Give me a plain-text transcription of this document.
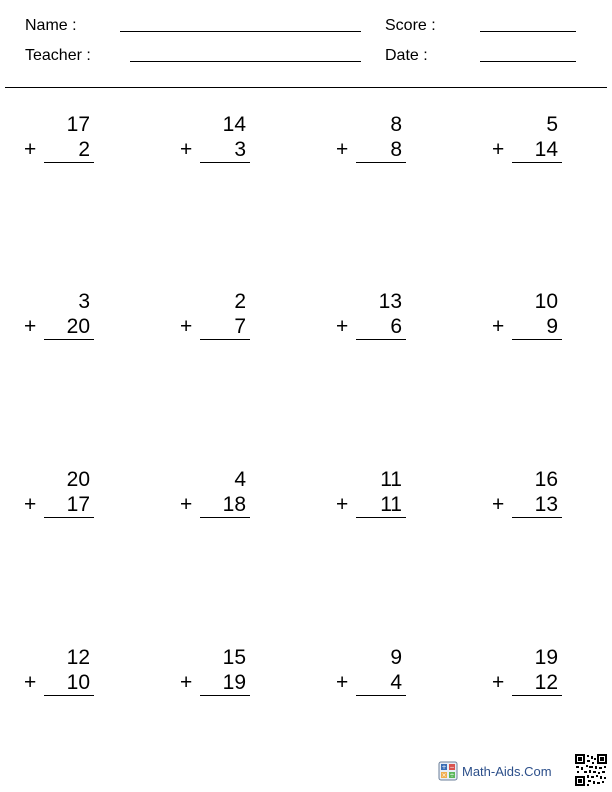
Name :	Score :
Teacher :	Date :
17
+ 2
14
+ 3
8
+ 8
5
+ 14
3
+ 20
2
+ 7
13
+ 6
10
+ 9
20
+ 17
4
+ 18
11
+ 11
16
+ 13
12
+ 10
15
+ 19
9
+ 4
19
+ 12
+ −
× ÷ Math-Aids.Com
